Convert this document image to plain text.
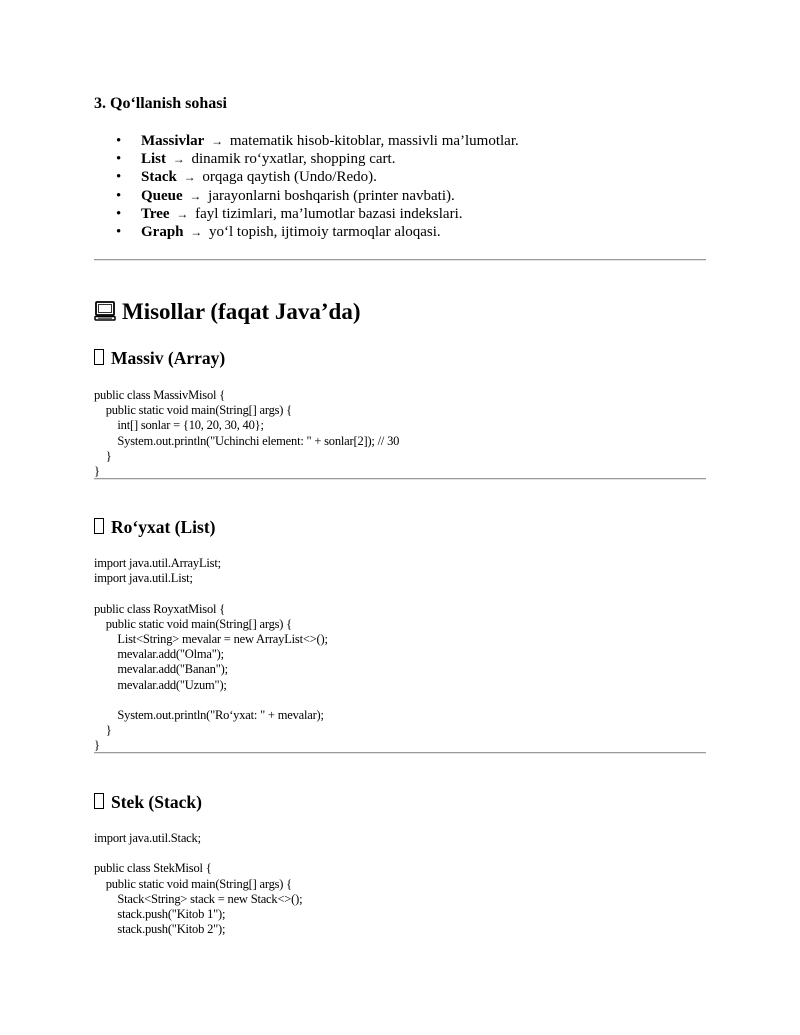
3. Qo‘llanish sohasi
• Massivlar → matematik hisob-kitoblar, massivli ma’lumotlar.
• List → dinamik ro‘yxatlar, shopping cart.
• Stack → orqaga qaytish (Undo/Redo).
• Queue → jarayonlarni boshqarish (printer navbati).
• Tree → fayl tizimlari, ma’lumotlar bazasi indekslari.
• Graph → yo‘l topish, ijtimoiy tarmoqlar aloqasi.
Misollar (faqat Java’da)
Massiv (Array)
public class MassivMisol {
public static void main(String[] args) {
int[] sonlar = {10, 20, 30, 40};
System.out.println("Uchinchi element: " + sonlar[2]); // 30
}
}
Ro‘yxat (List)
import java.util.ArrayList;
import java.util.List;

public class RoyxatMisol {
public static void main(String[] args) {
List<String> mevalar = new ArrayList<>();
mevalar.add("Olma");
mevalar.add("Banan");
mevalar.add("Uzum");

System.out.println("Ro‘yxat: " + mevalar);
}
}
Stek (Stack)
import java.util.Stack;

public class StekMisol {
public static void main(String[] args) {
Stack<String> stack = new Stack<>();
stack.push("Kitob 1");
stack.push("Kitob 2");
